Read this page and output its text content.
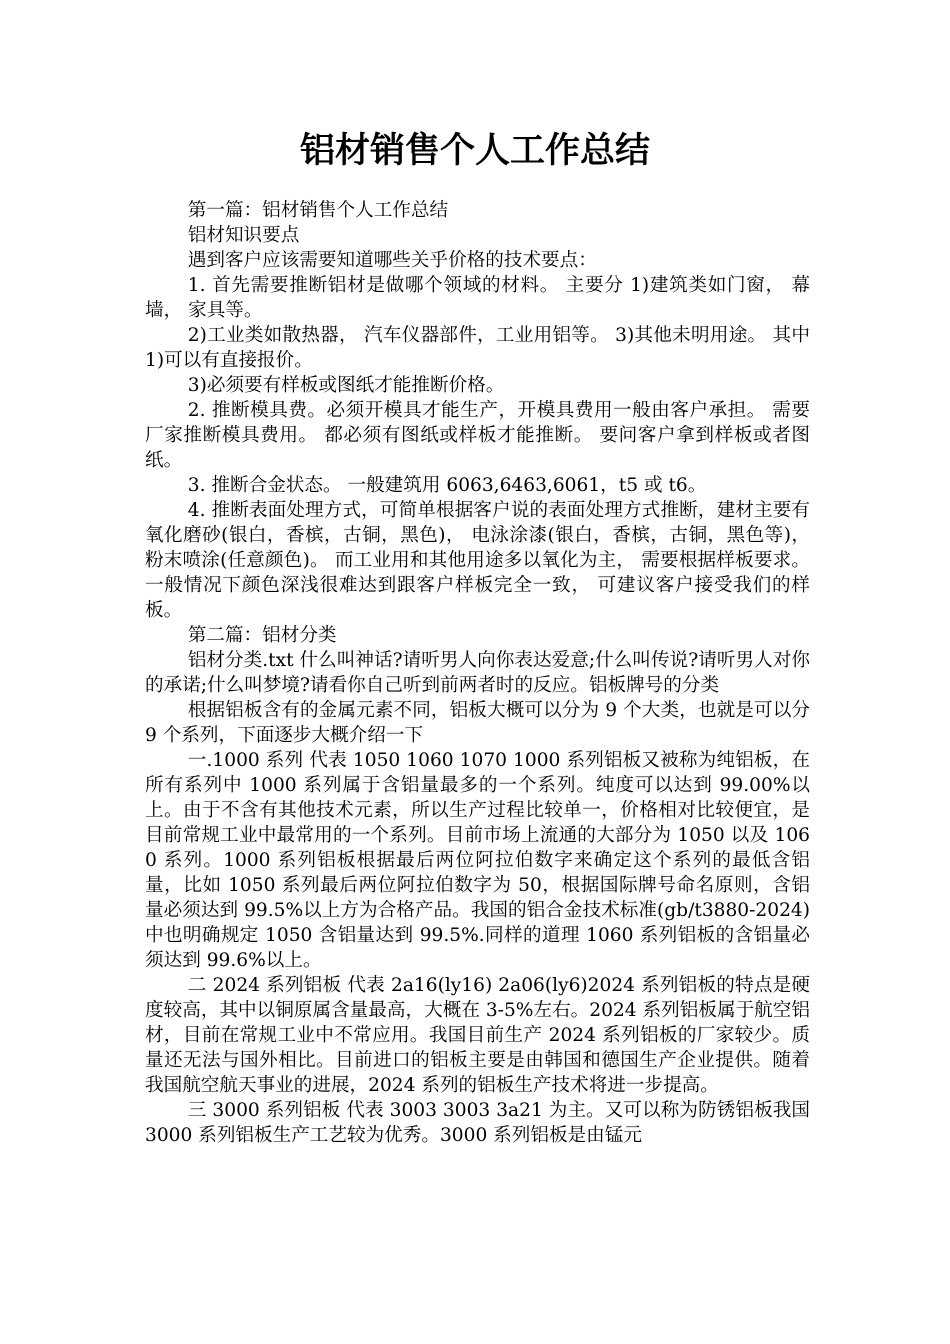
铝材销售个人工作总结

第一篇：铝材销售个人工作总结

铝材知识要点

遇到客户应该需要知道哪些关乎价格的技术要点：

1. 首先需要推断铝材是做哪个领域的材料。 主要分 1)建筑类如门窗， 幕墙， 家具等。

2)工业类如散热器， 汽车仪器部件，工业用铝等。 3)其他未明用途。 其中 1)可以有直接报价。

3)必须要有样板或图纸才能推断价格。

2. 推断模具费。必须开模具才能生产，开模具费用一般由客户承担。 需要厂家推断模具费用。 都必须有图纸或样板才能推断。 要问客户拿到样板或者图纸。

3. 推断合金状态。 一般建筑用 6063,6463,6061，t5 或 t6。

4. 推断表面处理方式，可简单根据客户说的表面处理方式推断，建材主要有氧化磨砂(银白，香槟，古铜，黑色)， 电泳涂漆(银白，香槟，古铜，黑色等)， 粉末喷涂(任意颜色)。 而工业用和其他用途多以氧化为主， 需要根据样板要求。 一般情况下颜色深浅很难达到跟客户样板完全一致， 可建议客户接受我们的样板。

第二篇：铝材分类

铝材分类.txt 什么叫神话?请听男人向你表达爱意;什么叫传说?请听男人对你的承诺;什么叫梦境?请看你自己听到前两者时的反应。铝板牌号的分类

根据铝板含有的金属元素不同，铝板大概可以分为 9 个大类，也就是可以分 9 个系列，下面逐步大概介绍一下

一.1000 系列 代表 1050 1060 1070 1000 系列铝板又被称为纯铝板，在所有系列中 1000 系列属于含铝量最多的一个系列。纯度可以达到 99.00%以上。由于不含有其他技术元素，所以生产过程比较单一，价格相对比较便宜，是目前常规工业中最常用的一个系列。目前市场上流通的大部分为 1050 以及 1060 系列。1000 系列铝板根据最后两位阿拉伯数字来确定这个系列的最低含铝量，比如 1050 系列最后两位阿拉伯数字为 50，根据国际牌号命名原则，含铝量必须达到 99.5%以上方为合格产品。我国的铝合金技术标准(gb/t3880-2024)中也明确规定 1050 含铝量达到 99.5%.同样的道理 1060 系列铝板的含铝量必须达到 99.6%以上。

二 2024 系列铝板 代表 2a16(ly16) 2a06(ly6)2024 系列铝板的特点是硬度较高，其中以铜原属含量最高，大概在 3-5%左右。2024 系列铝板属于航空铝材，目前在常规工业中不常应用。我国目前生产 2024 系列铝板的厂家较少。质量还无法与国外相比。目前进口的铝板主要是由韩国和德国生产企业提供。随着我国航空航天事业的进展，2024 系列的铝板生产技术将进一步提高。

三 3000 系列铝板 代表 3003 3003 3a21 为主。又可以称为防锈铝板我国 3000 系列铝板生产工艺较为优秀。3000 系列铝板是由锰元
